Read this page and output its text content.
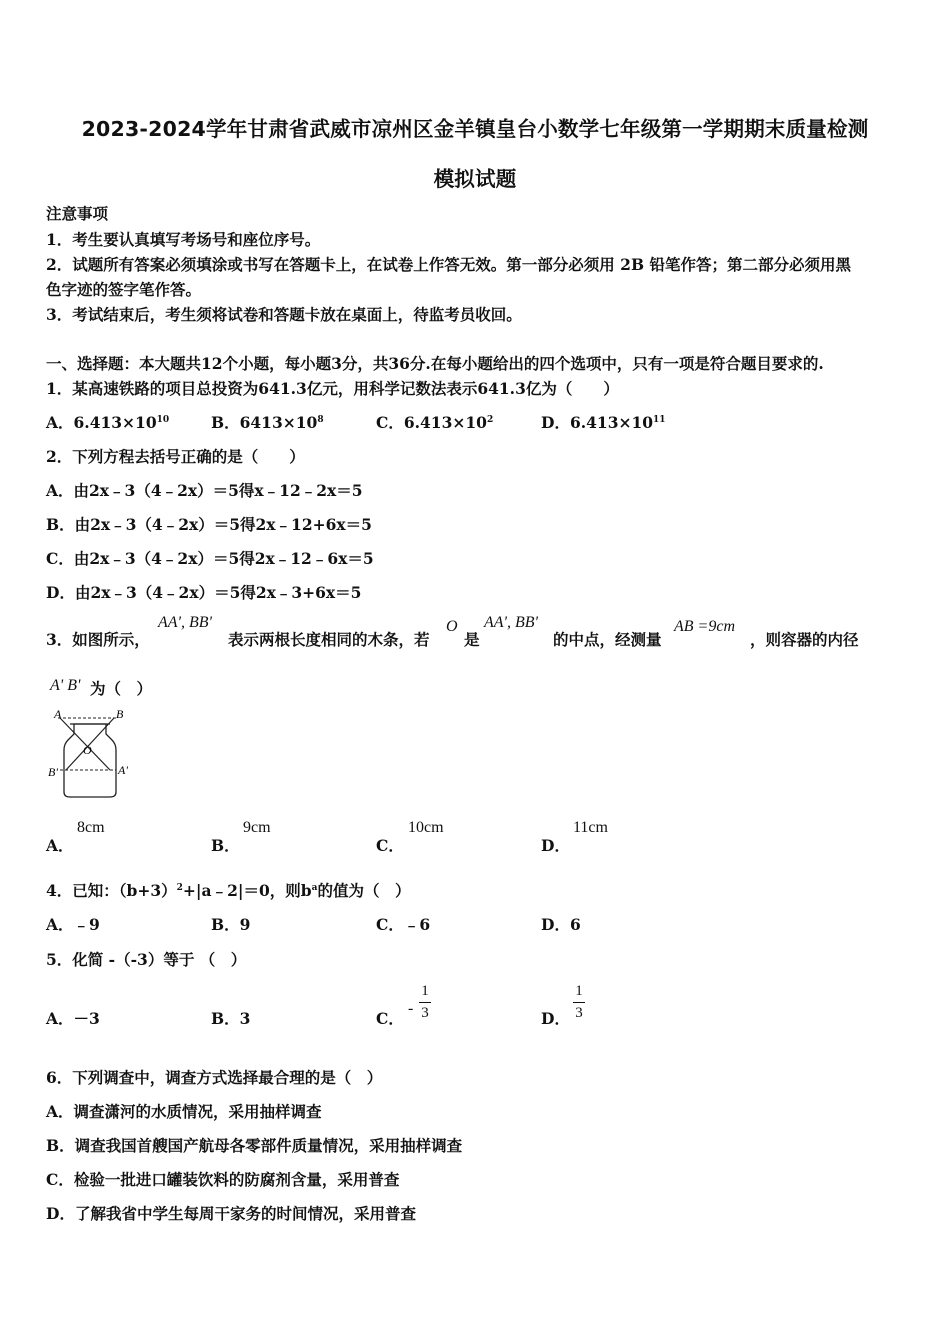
2023-2024学年甘肃省武威市凉州区金羊镇皇台小数学七年级第一学期期末质量检测
模拟试题
注意事项
1．考生要认真填写考场号和座位序号。
2．试题所有答案必须填涂或书写在答题卡上，在试卷上作答无效。第一部分必须用 2B 铅笔作答；第二部分必须用黑
色字迹的签字笔作答。
3．考试结束后，考生须将试卷和答题卡放在桌面上，待监考员收回。
一、选择题：本大题共12个小题，每小题3分，共36分.在每小题给出的四个选项中，只有一项是符合题目要求的.
1．某高速铁路的项目总投资为641.3亿元，用科学记数法表示641.3亿为（　　）
A．$6.413\times 10^{10}$	B．$6413\times 10^8$	C．$6.413\times 10^2$	D．$6.413\times 10^{11}$
2．下列方程去括号正确的是（　　）
A．由2x﹣3（4﹣2x）＝5得x﹣12﹣2x＝5
B．由2x﹣3（4﹣2x）＝5得2x﹣12+6x＝5
C．由2x﹣3（4﹣2x）＝5得2x﹣12﹣6x＝5
D．由2x﹣3（4﹣2x）＝5得2x﹣3+6x＝5
3．如图所示，
AA', BB'
表示两根长度相同的木条，若
O
是
AA', BB'
的中点，经测量
AB =9cm
，则容器的内径
A' B' 为（　）
A	B
O
B'	A'
A．
8cm
B．
9cm
C．
10cm
D．
11cm
4．已知：$(b+3)^2+|a﹣2|=0$，则$b^a$的值为（　）
A．﹣9	B．9	C．﹣6	D．6
5．化简 -（-3）等于 （　）
A．－3	B．3	C．
-
1
3	D．
1
3
6．下列调查中，调查方式选择最合理的是（　）
A．调查潇河的水质情况，采用抽样调查
B．调查我国首艘国产航母各零部件质量情况，采用抽样调查
C．检验一批进口罐装饮料的防腐剂含量，采用普查
D．了解我省中学生每周干家务的时间情况，采用普查
